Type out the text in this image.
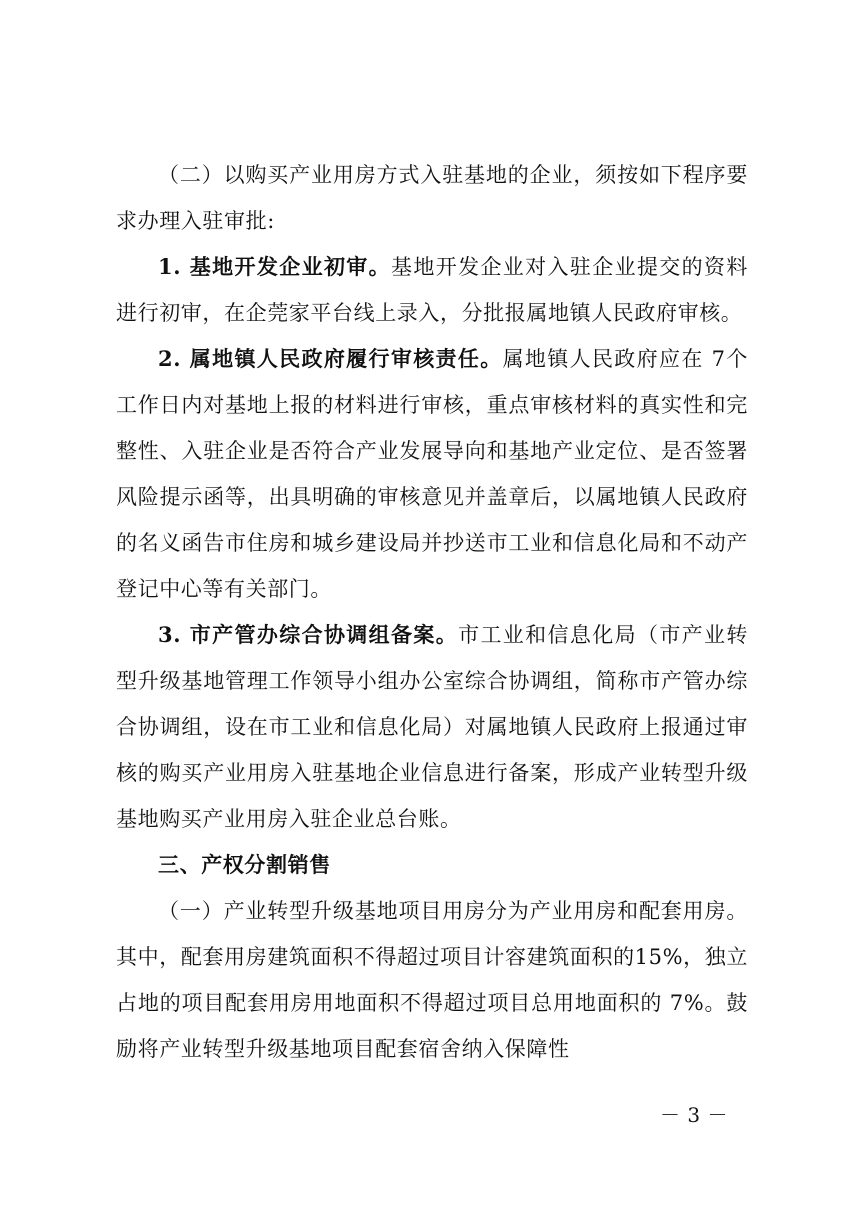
（二）以购买产业用房方式入驻基地的企业，须按如下程序要求办理入驻审批:

1. 基地开发企业初审。基地开发企业对入驻企业提交的资料进行初审，在企莞家平台线上录入，分批报属地镇人民政府审核。

2. 属地镇人民政府履行审核责任。属地镇人民政府应在 7个工作日内对基地上报的材料进行审核，重点审核材料的真实性和完整性、入驻企业是否符合产业发展导向和基地产业定位、是否签署风险提示函等，出具明确的审核意见并盖章后，以属地镇人民政府的名义函告市住房和城乡建设局并抄送市工业和信息化局和不动产登记中心等有关部门。

3. 市产管办综合协调组备案。市工业和信息化局（市产业转型升级基地管理工作领导小组办公室综合协调组，简称市产管办综合协调组，设在市工业和信息化局）对属地镇人民政府上报通过审核的购买产业用房入驻基地企业信息进行备案，形成产业转型升级基地购买产业用房入驻企业总台账。

三、产权分割销售

（一）产业转型升级基地项目用房分为产业用房和配套用房。其中，配套用房建筑面积不得超过项目计容建筑面积的15%，独立占地的项目配套用房用地面积不得超过项目总用地面积的 7%。鼓励将产业转型升级基地项目配套宿舍纳入保障性

－ 3 －
